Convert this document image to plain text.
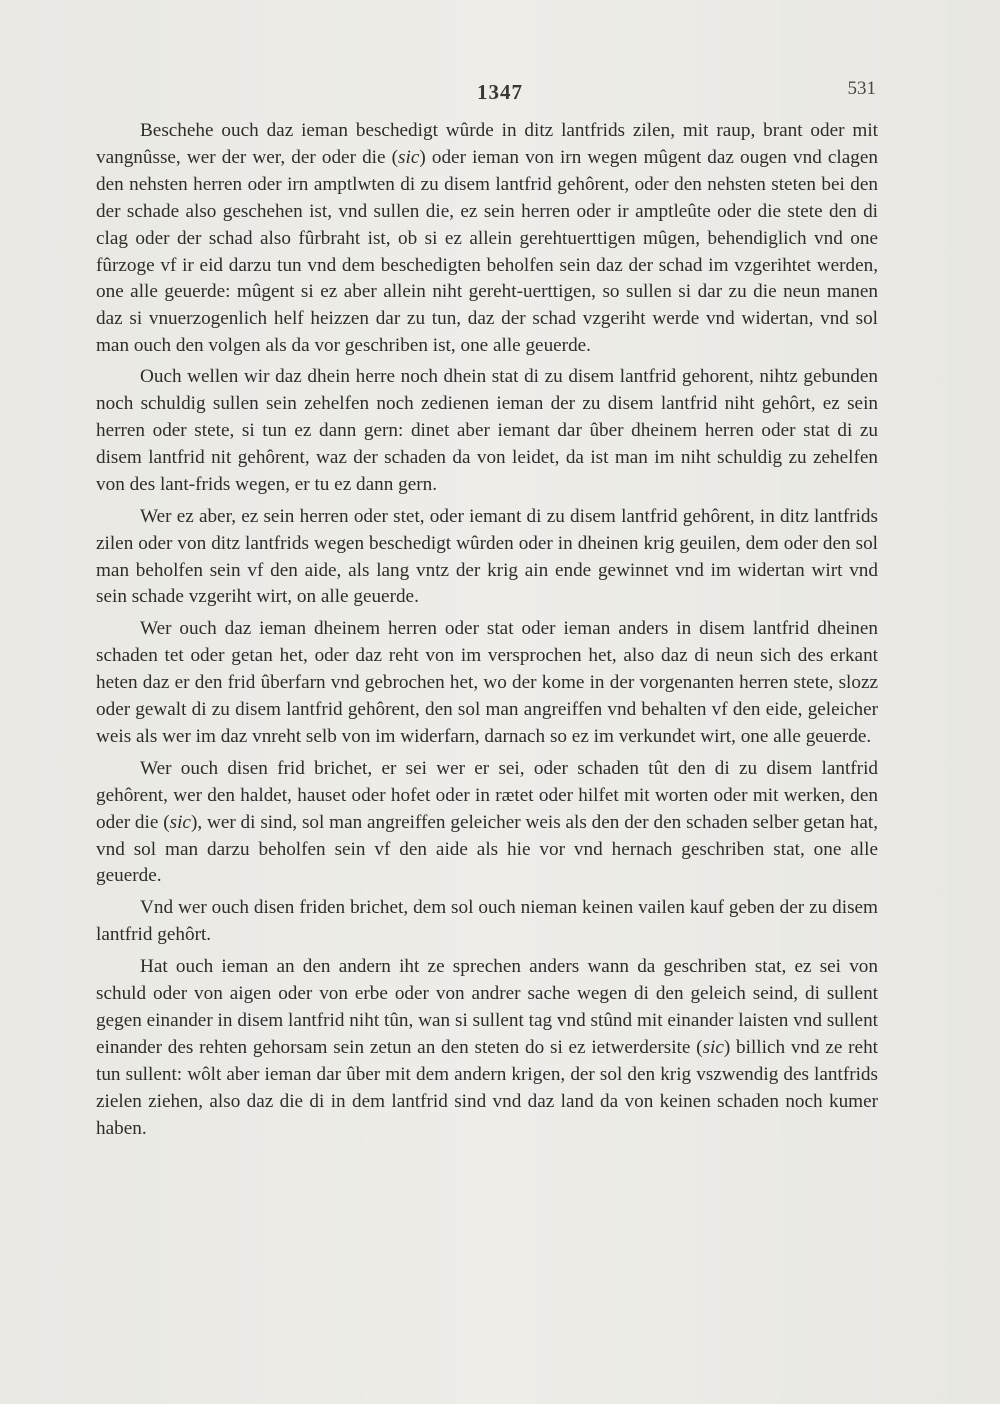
1347	531

Beschehe ouch daz ieman beschedigt wûrde in ditz lantfrids zilen, mit raup, brant oder mit vangnûsse, wer der wer, der oder die (sic) oder ieman von irn wegen mûgent daz ougen vnd clagen den nehsten herren oder irn amptlwten di zu disem lantfrid gehôrent, oder den nehsten steten bei den der schade also geschehen ist, vnd sullen die, ez sein herren oder ir amptleûte oder die stete den di clag oder der schad also fûrbraht ist, ob si ez allein gerehtuerttigen mûgen, behendiglich vnd one fûrzoge vf ir eid darzu tun vnd dem beschedigten beholfen sein daz der schad im vzgerihtet werden, one alle geuerde: mûgent si ez aber allein niht gereht-uerttigen, so sullen si dar zu die neun manen daz si vnuerzogenlich helf heizzen dar zu tun, daz der schad vzgeriht werde vnd widertan, vnd sol man ouch den volgen als da vor geschriben ist, one alle geuerde.

Ouch wellen wir daz dhein herre noch dhein stat di zu disem lantfrid gehorent, nihtz gebunden noch schuldig sullen sein zehelfen noch zedienen ieman der zu disem lantfrid niht gehôrt, ez sein herren oder stete, si tun ez dann gern: dinet aber iemant dar ûber dheinem herren oder stat di zu disem lantfrid nit gehôrent, waz der schaden da von leidet, da ist man im niht schuldig zu zehelfen von des lant-frids wegen, er tu ez dann gern.

Wer ez aber, ez sein herren oder stet, oder iemant di zu disem lantfrid gehôrent, in ditz lantfrids zilen oder von ditz lantfrids wegen beschedigt wûrden oder in dheinen krig geuilen, dem oder den sol man beholfen sein vf den aide, als lang vntz der krig ain ende gewinnet vnd im widertan wirt vnd sein schade vzgeriht wirt, on alle geuerde.

Wer ouch daz ieman dheinem herren oder stat oder ieman anders in disem lantfrid dheinen schaden tet oder getan het, oder daz reht von im versprochen het, also daz di neun sich des erkant heten daz er den frid ûberfarn vnd gebrochen het, wo der kome in der vorgenanten herren stete, slozz oder gewalt di zu disem lantfrid gehôrent, den sol man angreiffen vnd behalten vf den eide, geleicher weis als wer im daz vnreht selb von im widerfarn, darnach so ez im verkundet wirt, one alle geuerde.

Wer ouch disen frid brichet, er sei wer er sei, oder schaden tût den di zu disem lantfrid gehôrent, wer den haldet, hauset oder hofet oder in rætet oder hilfet mit worten oder mit werken, den oder die (sic), wer di sind, sol man angreiffen geleicher weis als den der den schaden selber getan hat, vnd sol man darzu beholfen sein vf den aide als hie vor vnd hernach geschriben stat, one alle geuerde.

Vnd wer ouch disen friden brichet, dem sol ouch nieman keinen vailen kauf geben der zu disem lantfrid gehôrt.

Hat ouch ieman an den andern iht ze sprechen anders wann da geschriben stat, ez sei von schuld oder von aigen oder von erbe oder von andrer sache wegen di den geleich seind, di sullent gegen einander in disem lantfrid niht tûn, wan si sullent tag vnd stûnd mit einander laisten vnd sullent einander des rehten gehorsam sein zetun an den steten do si ez ietwerdersite (sic) billich vnd ze reht tun sullent: wôlt aber ieman dar ûber mit dem andern krigen, der sol den krig vszwendig des lantfrids zielen ziehen, also daz die di in dem lantfrid sind vnd daz land da von keinen schaden noch kumer haben.
